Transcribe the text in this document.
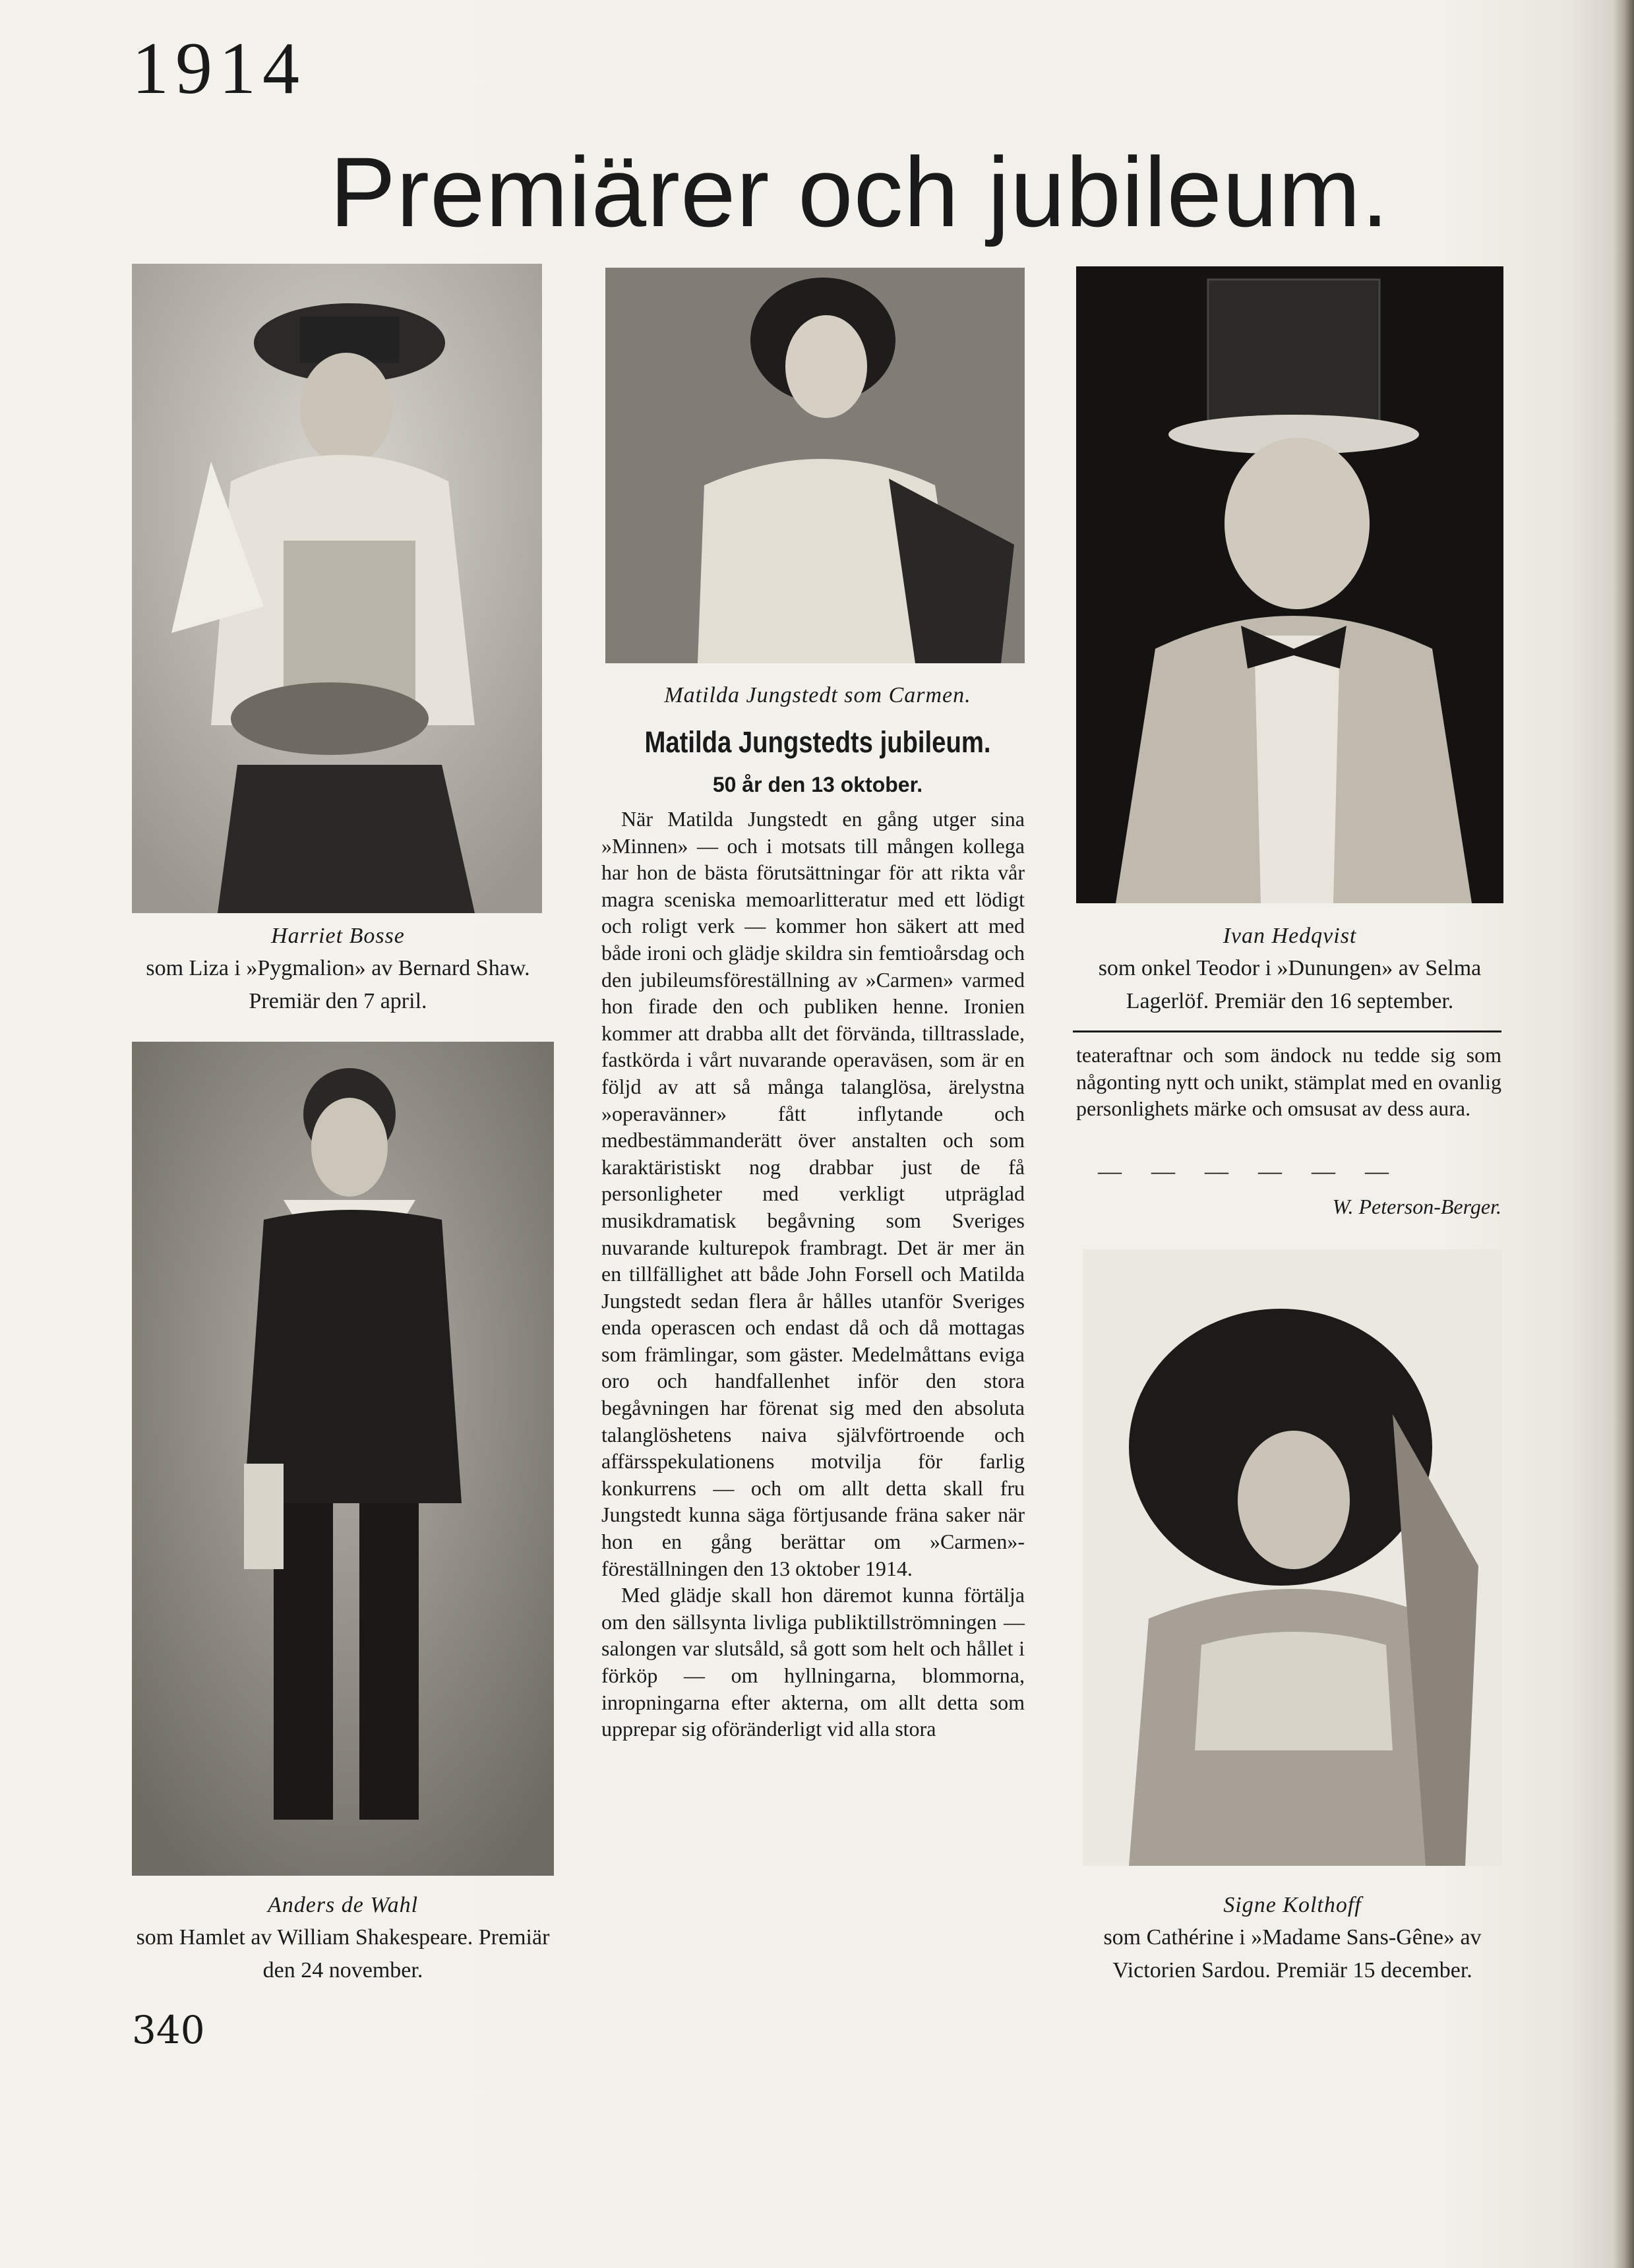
1914
Premiärer och jubileum.
Harriet Bosse
som Liza i »Pygmalion» av Bernard Shaw. Premiär den 7 april.
Matilda Jungstedt som Carmen.
Ivan Hedqvist
som onkel Teodor i »Dunungen» av Selma Lagerlöf. Premiär den 16 september.
Anders de Wahl
som Hamlet av William Shakespeare. Premiär den 24 november.
Signe Kolthoff
som Cathérine i »Madame Sans-Gêne» av Victorien Sardou. Premiär 15 december.
Matilda Jungstedts jubileum.
50 år den 13 oktober.

När Matilda Jungstedt en gång utger sina »Minnen» — och i motsats till mången kollega har hon de bästa förutsättningar för att rikta vår magra sceniska memoarlitteratur med ett lödigt och roligt verk — kommer hon säkert att med både ironi och glädje skildra sin femtioårsdag och den jubileumsföreställning av »Carmen» varmed hon firade den och publiken henne. Ironien kommer att drabba allt det förvända, tilltrasslade, fastkörda i vårt nuvarande operaväsen, som är en följd av att så många talanglösa, ärelystna »operavänner» fått inflytande och medbestämmanderätt över anstalten och som karaktäristiskt nog drabbar just de få personligheter med verkligt utpräglad musikdramatisk begåvning som Sveriges nuvarande kulturepok frambragt. Det är mer än en tillfällighet att både John Forsell och Matilda Jungstedt sedan flera år hålles utanför Sveriges enda operascen och endast då och då mottagas som främlingar, som gäster. Medelmåttans eviga oro och handfallenhet inför den stora begåvningen har förenat sig med den absoluta talanglöshetens naiva självförtroende och affärsspekulationens motvilja för farlig konkurrens — och om allt detta skall fru Jungstedt kunna säga förtjusande fräna saker när hon en gång berättar om »Carmen»-föreställningen den 13 oktober 1914.

Med glädje skall hon däremot kunna förtälja om den sällsynta livliga publiktillströmningen — salongen var slutsåld, så gott som helt och hållet i förköp — om hyllningarna, blommorna, inropningarna efter akterna, om allt detta som upprepar sig oföränderligt vid alla stora

teateraftnar och som ändock nu tedde sig som någonting nytt och unikt, stämplat med en ovanlig personlighets märke och omsusat av dess aura.

— — — — — —
W. Peterson-Berger.
340
